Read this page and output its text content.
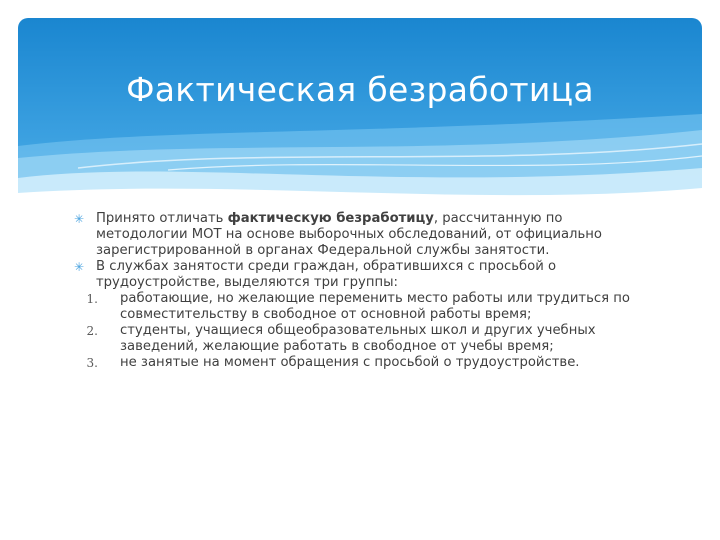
Фактическая безработица

✳ Принято отличать фактическую безработицу, рассчитанную по методологии МОТ на основе выборочных обследований, от официально зарегистрированной в органах Федеральной службы занятости.

✳ В службах занятости среди граждан, обратившихся с просьбой о трудоустройстве, выделяются три группы:

1. работающие, но желающие переменить место работы или трудиться по совместительству в свободное от основной работы время;

2. студенты, учащиеся общеобразовательных школ и других учебных заведений, желающие работать в свободное от учебы время;

3. не занятые на момент обращения с просьбой о трудоустройстве.
